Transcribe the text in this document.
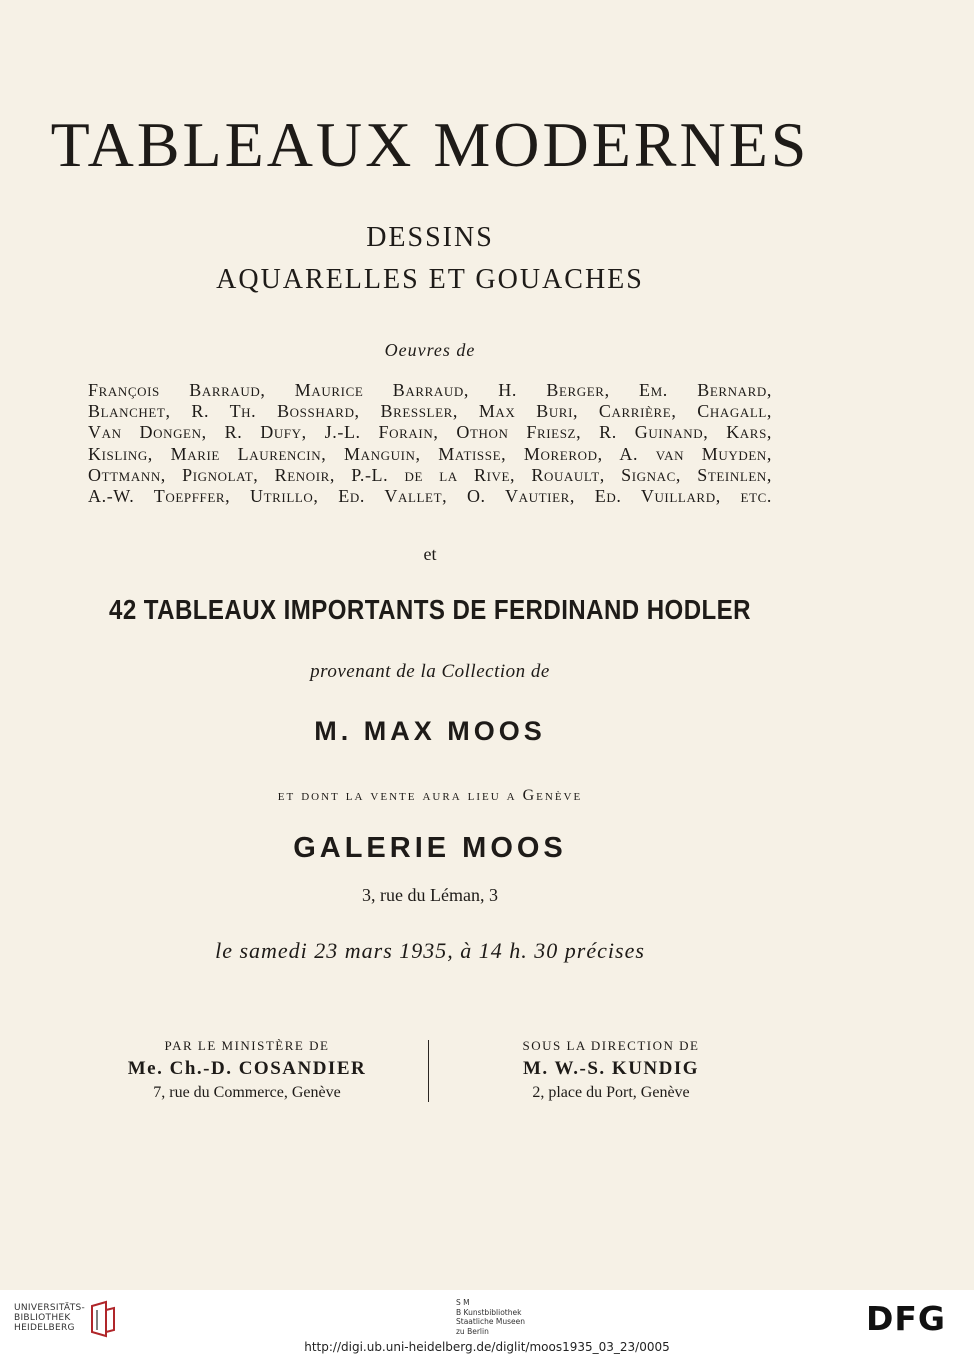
TABLEAUX MODERNES
DESSINS
AQUARELLES ET GOUACHES
Oeuvres de
François Barraud, Maurice Barraud, H. Berger, Em. Bernard,
Blanchet, R. Th. Bosshard, Bressler, Max Buri, Carrière, Chagall,
Van Dongen, R. Dufy, J.-L. Forain, Othon Friesz, R. Guinand, Kars,
Kisling, Marie Laurencin, Manguin, Matisse, Morerod, A. van Muyden,
Ottmann, Pignolat, Renoir, P.-L. de la Rive, Rouault, Signac, Steinlen,
A.-W. Toepffer, Utrillo, Ed. Vallet, O. Vautier, Ed. Vuillard, etc.
et
42 TABLEAUX IMPORTANTS DE FERDINAND HODLER
provenant de la Collection de
M. MAX MOOS
et dont la vente aura lieu a Genève
GALERIE MOOS
3, rue du Léman, 3
le samedi 23 mars 1935, à 14 h. 30 précises
PAR LE MINISTÈRE DE
Me. Ch.-D. COSANDIER
7, rue du Commerce, Genève
SOUS LA DIRECTION DE
M. W.-S. KUNDIG
2, place du Port, Genève
UNIVERSITÄTS-
BIBLIOTHEK
HEIDELBERG
S M
B Kunstbibliothek
Staatliche Museen
zu Berlin	DFG
http://digi.ub.uni-heidelberg.de/diglit/moos1935_03_23/0005
